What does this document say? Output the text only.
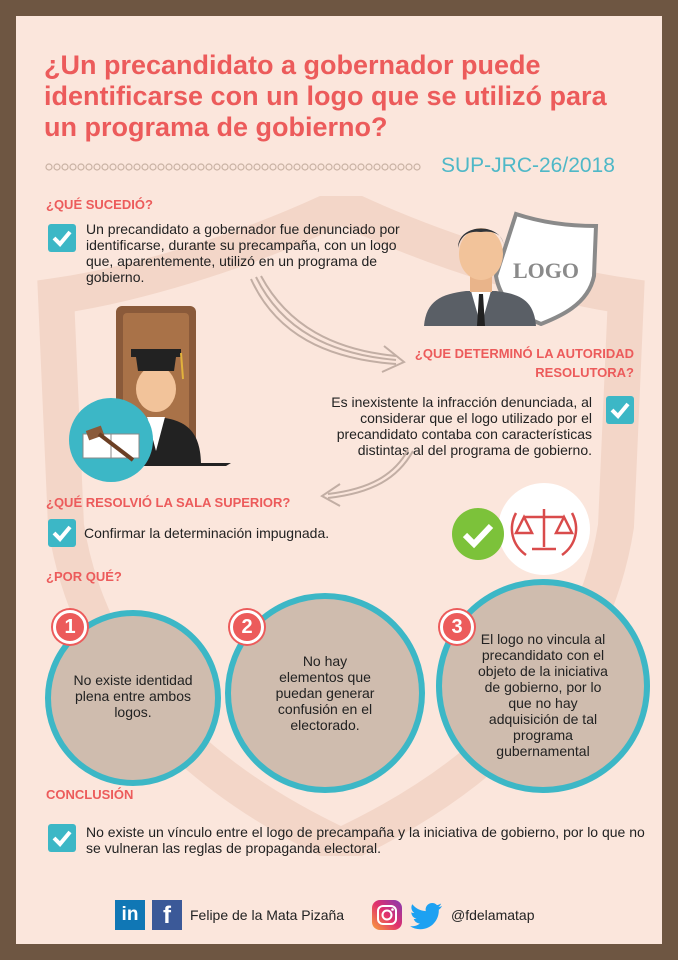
¿Un precandidato a gobernador puede identificarse con un logo que se utilizó para un programa de gobierno?
SUP-JRC-26/2018
¿QUÉ SUCEDIÓ?
Un precandidato a gobernador fue denunciado por identificarse, durante su precampaña, con un logo que, aparentemente, utilizó en un programa de gobierno.	LOGO
¿QUE DETERMINÓ LA AUTORIDAD
RESOLUTORA?
Es inexistente la infracción denunciada, al considerar que el logo utilizado por el precandidato contaba con características distintas al del programa de gobierno.
¿QUÉ RESOLVIÓ LA SALA SUPERIOR?
Confirmar la determinación impugnada.
¿POR QUÉ?
No existe identidad plena entre ambos logos.
1
No hay elementos que puedan generar confusión en el electorado.
2
El logo no vincula al precandidato con el objeto de la iniciativa de gobierno, por lo que no hay adquisición de tal programa gubernamental
3
CONCLUSIÓN
No existe un vínculo entre el logo de precampaña y la iniciativa de gobierno, por lo que no se vulneran las reglas de propaganda electoral.
in	f	Felipe de la Mata Pizaña	@fdelamatap
